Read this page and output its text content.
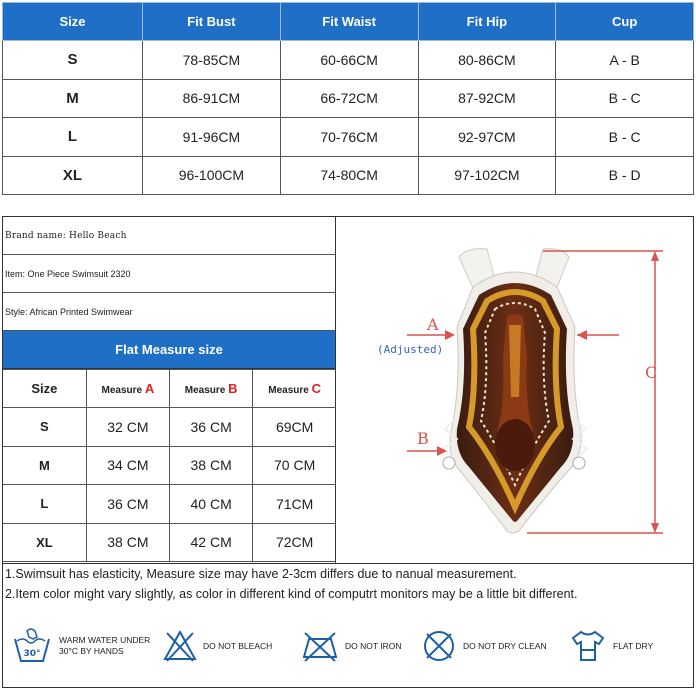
Size	Fit Bust	Fit Waist	Fit Hip	Cup
S	78-85CM	60-66CM	80-86CM	A - B
M	86-91CM	66-72CM	87-92CM	B - C
L	91-96CM	70-76CM	92-97CM	B - C
XL	96-100CM	74-80CM	97-102CM	B - D
Brand name: Hello Beach
Item: One Piece Swimsuit 2320
Style: African Printed Swimwear
Flat Measure size
Size	Measure A	Measure B	Measure C
S	32 CM	36 CM	69CM
M	34 CM	38 CM	70 CM
L	36 CM	40 CM	71CM
XL	38 CM	42 CM	72CM
A
(Adjusted)
B
C
1.Swimsuit has elasticity, Measure size may have 2-3cm differs due to nanual measurement.
2.Item color might vary slightly, as color in different kind of computrt monitors may be a little bit different.
30°
WARM WATER UNDER
30°C BY HANDS
DO NOT BLEACH	DO NOT IRON	DO NOT DRY CLEAN	FLAT DRY
